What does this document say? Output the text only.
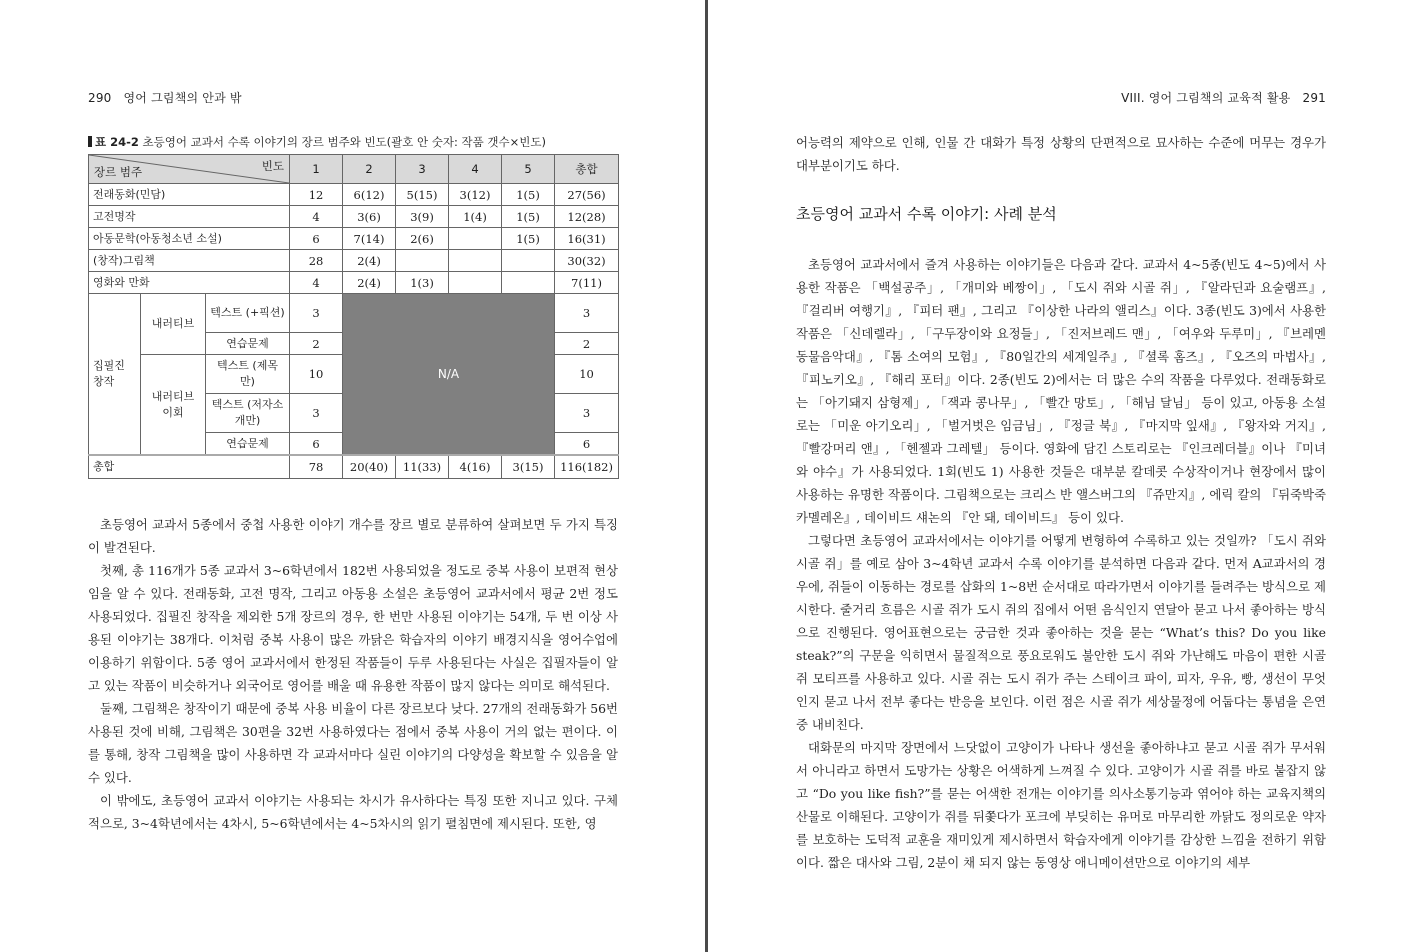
290 영어 그림책의 안과 밖
표 24-2 초등영어 교과서 수록 이야기의 장르 범주와 빈도(괄호 안 숫자: 작품 갯수×빈도)
빈도
장르 범주			1	2	3	4	5	총합
전래동화(민담)			12	6(12)	5(15)	3(12)	1(5)	27(56)
고전명작			4	3(6)	3(9)	1(4)	1(5)	12(28)
아동문학(아동청소년 소설)			6	7(14)	2(6)		1(5)	16(31)
(창작)그림책			28	2(4)				30(32)
영화와 만화			4	2(4)	1(3)			7(11)
집필진 창작	내러티브	텍스트 (+픽션)	3	N/A				3
		연습문제	2					2
	내러티브 이회	텍스트 (제목만)	10					10
		텍스트 (저자소개만)	3					3
		연습문제	6					6
총합			78	20(40)	11(33)	4(16)	3(15)	116(182)

초등영어 교과서 5종에서 중첩 사용한 이야기 개수를 장르 별로 분류하여 살펴보면 두 가지 특징이 발견된다.

첫째, 총 116개가 5종 교과서 3~6학년에서 182번 사용되었을 정도로 중복 사용이 보편적 현상임을 알 수 있다. 전래동화, 고전 명작, 그리고 아동용 소설은 초등영어 교과서에서 평균 2번 정도 사용되었다. 집필진 창작을 제외한 5개 장르의 경우, 한 번만 사용된 이야기는 54개, 두 번 이상 사용된 이야기는 38개다. 이처럼 중복 사용이 많은 까닭은 학습자의 이야기 배경지식을 영어수업에 이용하기 위함이다. 5종 영어 교과서에서 한정된 작품들이 두루 사용된다는 사실은 집필자들이 알고 있는 작품이 비슷하거나 외국어로 영어를 배울 때 유용한 작품이 많지 않다는 의미로 해석된다.

둘째, 그림책은 창작이기 때문에 중복 사용 비율이 다른 장르보다 낮다. 27개의 전래동화가 56번 사용된 것에 비해, 그림책은 30편을 32번 사용하였다는 점에서 중복 사용이 거의 없는 편이다. 이를 통해, 창작 그림책을 많이 사용하면 각 교과서마다 실린 이야기의 다양성을 확보할 수 있음을 알 수 있다.

이 밖에도, 초등영어 교과서 이야기는 사용되는 차시가 유사하다는 특징 또한 지니고 있다. 구체적으로, 3~4학년에서는 4차시, 5~6학년에서는 4~5차시의 읽기 펼침면에 제시된다. 또한, 영

VIII. 영어 그림책의 교육적 활용 291

어능력의 제약으로 인해, 인물 간 대화가 특정 상황의 단편적으로 묘사하는 수준에 머무는 경우가 대부분이기도 하다.

초등영어 교과서 수록 이야기: 사례 분석

초등영어 교과서에서 즐겨 사용하는 이야기들은 다음과 같다. 교과서 4~5종(빈도 4~5)에서 사용한 작품은 「백설공주」, 「개미와 베짱이」, 「도시 쥐와 시골 쥐」, 『알라딘과 요술램프』, 『걸리버 여행기』, 『피터 팬』, 그리고 『이상한 나라의 앨리스』이다. 3종(빈도 3)에서 사용한 작품은 「신데렐라」, 「구두장이와 요정들」, 「진저브레드 맨」, 「여우와 두루미」, 『브레멘 동물음악대』, 『톰 소여의 모험』, 『80일간의 세계일주』, 『셜록 홈즈』, 『오즈의 마법사』, 『피노키오』, 『해리 포터』이다. 2종(빈도 2)에서는 더 많은 수의 작품을 다루었다. 전래동화로는 「아기돼지 삼형제」, 「잭과 콩나무」, 「빨간 망토」, 「해님 달님」 등이 있고, 아동용 소설로는 「미운 아기오리」, 「벌거벗은 임금님」, 『정글 북』, 『마지막 잎새』, 『왕자와 거지』, 『빨강머리 앤』, 「헨젤과 그레텔」 등이다. 영화에 담긴 스토리로는 『인크레더블』이나 『미녀와 야수』가 사용되었다. 1회(빈도 1) 사용한 것들은 대부분 칼데콧 수상작이거나 현장에서 많이 사용하는 유명한 작품이다. 그림책으로는 크리스 반 앨스버그의 『쥬만지』, 에릭 칼의 『뒤죽박죽 카멜레온』, 데이비드 섀논의 『안 돼, 데이비드』 등이 있다.

그렇다면 초등영어 교과서에서는 이야기를 어떻게 변형하여 수록하고 있는 것일까? 「도시 쥐와 시골 쥐」를 예로 삼아 3~4학년 교과서 수록 이야기를 분석하면 다음과 같다. 먼저 A교과서의 경우에, 쥐들이 이동하는 경로를 삽화의 1~8번 순서대로 따라가면서 이야기를 들려주는 방식으로 제시한다. 줄거리 흐름은 시골 쥐가 도시 쥐의 집에서 어떤 음식인지 연달아 묻고 나서 좋아하는 방식으로 진행된다. 영어표현으로는 궁금한 것과 좋아하는 것을 묻는 “What’s this? Do you like steak?”의 구문을 익히면서 물질적으로 풍요로워도 불안한 도시 쥐와 가난해도 마음이 편한 시골 쥐 모티프를 사용하고 있다. 시골 쥐는 도시 쥐가 주는 스테이크 파이, 피자, 우유, 빵, 생선이 무엇인지 묻고 나서 전부 좋다는 반응을 보인다. 이런 점은 시골 쥐가 세상물정에 어둡다는 통념을 은연중 내비친다.

대화문의 마지막 장면에서 느닷없이 고양이가 나타나 생선을 좋아하냐고 묻고 시골 쥐가 무서워서 아니라고 하면서 도망가는 상황은 어색하게 느껴질 수 있다. 고양이가 시골 쥐를 바로 붙잡지 않고 “Do you like fish?”를 묻는 어색한 전개는 이야기를 의사소통기능과 엮어야 하는 교육지책의 산물로 이해된다. 고양이가 쥐를 뒤쫓다가 포크에 부딪히는 유머로 마무리한 까닭도 정의로운 약자를 보호하는 도덕적 교훈을 재미있게 제시하면서 학습자에게 이야기를 감상한 느낌을 전하기 위함이다. 짧은 대사와 그림, 2분이 채 되지 않는 동영상 애니메이션만으로 이야기의 세부
